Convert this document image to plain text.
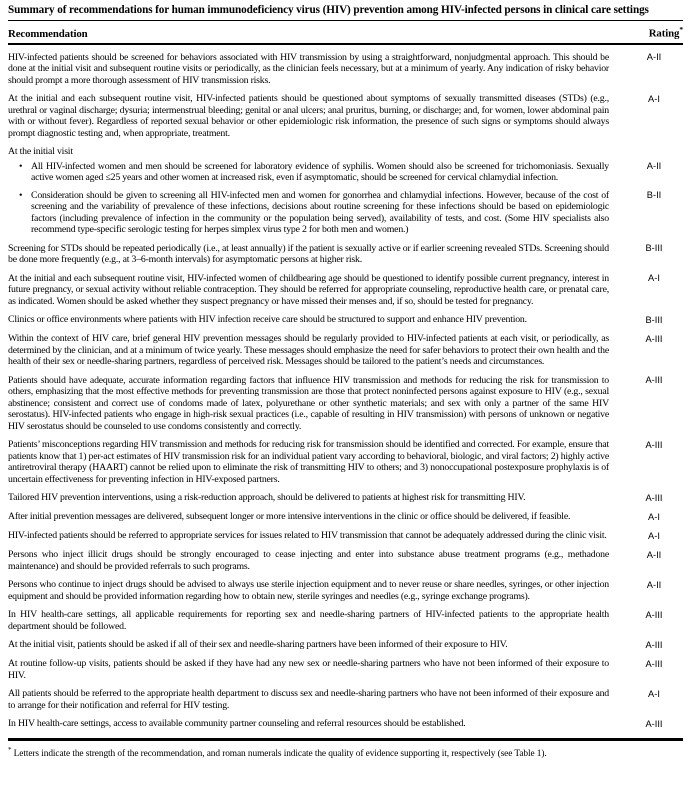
Summary of recommendations for human immunodeficiency virus (HIV) prevention among HIV-infected persons in clinical care settings
Recommendation	Rating*
HIV-infected patients should be screened for behaviors associated with HIV transmission by using a straightforward, nonjudgmental approach. This should be done at the initial visit and subsequent routine visits or periodically, as the clinician feels necessary, but at a minimum of yearly. Any indication of risky behavior should prompt a more thorough assessment of HIV transmission risks.
A-II
At the initial and each subsequent routine visit, HIV-infected patients should be questioned about symptoms of sexually transmitted diseases (STDs) (e.g., urethral or vaginal discharge; dysuria; intermenstrual bleeding; genital or anal ulcers; anal pruritus, burning, or discharge; and, for women, lower abdominal pain with or without fever). Regardless of reported sexual behavior or other epidemiologic risk information, the presence of such signs or symptoms should always prompt diagnostic testing and, when appropriate, treatment.
A-I
At the initial visit
• All HIV-infected women and men should be screened for laboratory evidence of syphilis. Women should also be screened for trichomoniasis. Sexually active women aged ≤25 years and other women at increased risk, even if asymptomatic, should be screened for cervical chlamydial infection.
A-II
• Consideration should be given to screening all HIV-infected men and women for gonorrhea and chlamydial infections. However, because of the cost of screening and the variability of prevalence of these infections, decisions about routine screening for these infections should be based on epidemiologic factors (including prevalence of infection in the community or the population being served), availability of tests, and cost. (Some HIV specialists also recommend type-specific serologic testing for herpes simplex virus type 2 for both men and women.)
B-II
Screening for STDs should be repeated periodically (i.e., at least annually) if the patient is sexually active or if earlier screening revealed STDs. Screening should be done more frequently (e.g., at 3–6-month intervals) for asymptomatic persons at higher risk.
B-III
At the initial and each subsequent routine visit, HIV-infected women of childbearing age should be questioned to identify possible current pregnancy, interest in future pregnancy, or sexual activity without reliable contraception. They should be referred for appropriate counseling, reproductive health care, or prenatal care, as indicated. Women should be asked whether they suspect pregnancy or have missed their menses and, if so, should be tested for pregnancy.
A-I
Clinics or office environments where patients with HIV infection receive care should be structured to support and enhance HIV prevention.	B-III
Within the context of HIV care, brief general HIV prevention messages should be regularly provided to HIV-infected patients at each visit, or periodically, as determined by the clinician, and at a minimum of twice yearly. These messages should emphasize the need for safer behaviors to protect their own health and the health of their sex or needle-sharing partners, regardless of perceived risk. Messages should be tailored to the patient’s needs and circumstances.
A-III
Patients should have adequate, accurate information regarding factors that influence HIV transmission and methods for reducing the risk for transmission to others, emphasizing that the most effective methods for preventing transmission are those that protect noninfected persons against exposure to HIV (e.g., sexual abstinence; consistent and correct use of condoms made of latex, polyurethane or other synthetic materials; and sex with only a partner of the same HIV serostatus). HIV-infected patients who engage in high-risk sexual practices (i.e., capable of resulting in HIV transmission) with persons of unknown or negative HIV serostatus should be counseled to use condoms consistently and correctly.
A-III
Patients’ misconceptions regarding HIV transmission and methods for reducing risk for transmission should be identified and corrected. For example, ensure that patients know that 1) per-act estimates of HIV transmission risk for an individual patient vary according to behavioral, biologic, and viral factors; 2) highly active antiretroviral therapy (HAART) cannot be relied upon to eliminate the risk of transmitting HIV to others; and 3) nonoccupational postexposure prophylaxis is of uncertain effectiveness for preventing infection in HIV-exposed partners.
A-III
Tailored HIV prevention interventions, using a risk-reduction approach, should be delivered to patients at highest risk for transmitting HIV.	A-III
After initial prevention messages are delivered, subsequent longer or more intensive interventions in the clinic or office should be delivered, if feasible.	A-I
HIV-infected patients should be referred to appropriate services for issues related to HIV transmission that cannot be adequately addressed during the clinic visit.	A-I
Persons who inject illicit drugs should be strongly encouraged to cease injecting and enter into substance abuse treatment programs (e.g., methadone maintenance) and should be provided referrals to such programs.
A-II
Persons who continue to inject drugs should be advised to always use sterile injection equipment and to never reuse or share needles, syringes, or other injection equipment and should be provided information regarding how to obtain new, sterile syringes and needles (e.g., syringe exchange programs).
A-II
In HIV health-care settings, all applicable requirements for reporting sex and needle-sharing partners of HIV-infected patients to the appropriate health department should be followed.
A-III
At the initial visit, patients should be asked if all of their sex and needle-sharing partners have been informed of their exposure to HIV.	A-III
At routine follow-up visits, patients should be asked if they have had any new sex or needle-sharing partners who have not been informed of their exposure to HIV.
A-III
All patients should be referred to the appropriate health department to discuss sex and needle-sharing partners who have not been informed of their exposure and to arrange for their notification and referral for HIV testing.
A-I
In HIV health-care settings, access to available community partner counseling and referral resources should be established.	A-III
* Letters indicate the strength of the recommendation, and roman numerals indicate the quality of evidence supporting it, respectively (see Table 1).
